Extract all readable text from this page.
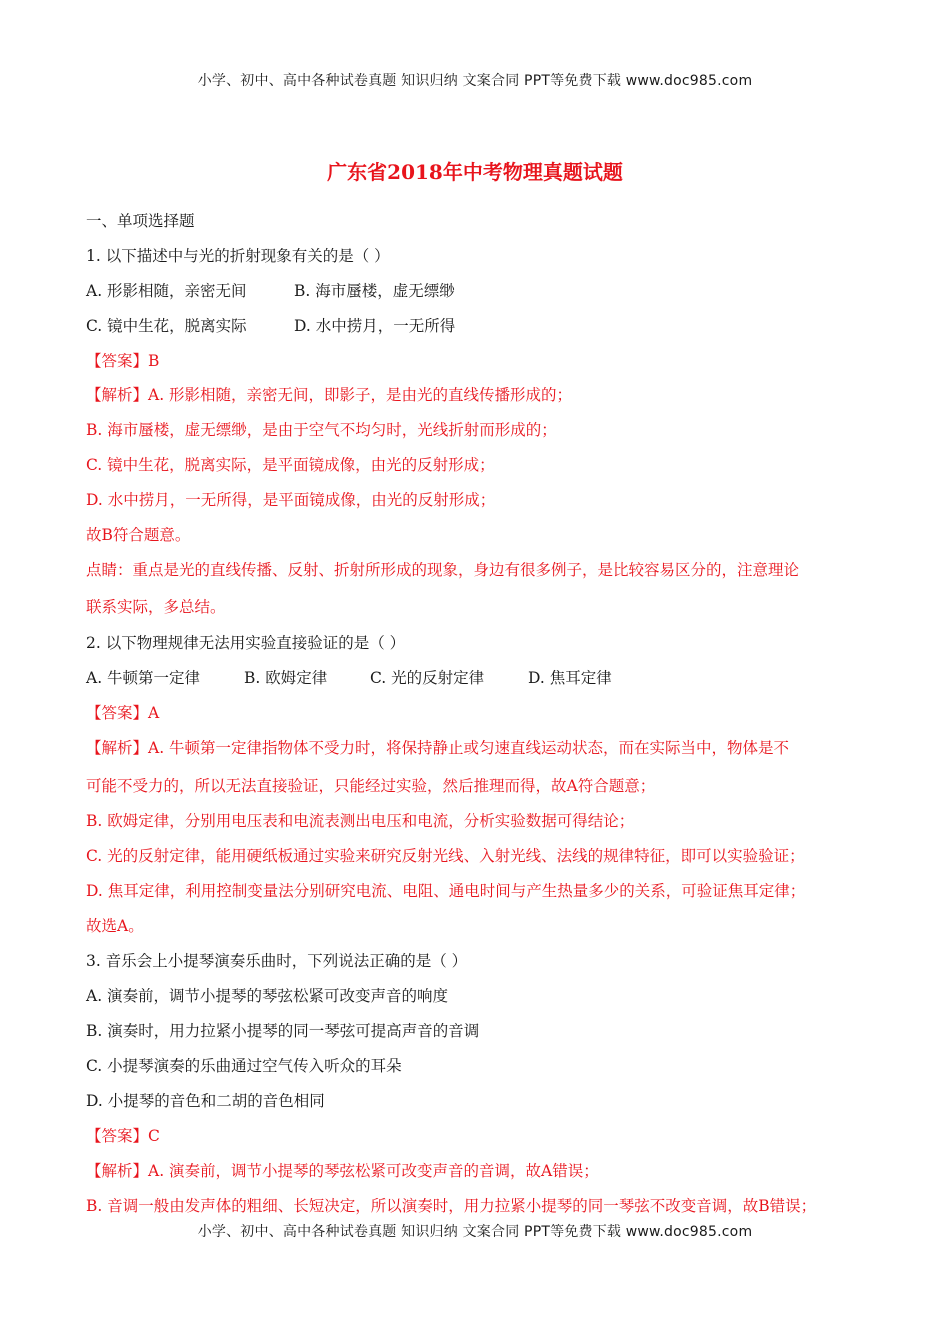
小学、初中、高中各种试卷真题 知识归纳 文案合同 PPT等免费下载 www.doc985.com
广东省2018年中考物理真题试题
一、单项选择题
1. 以下描述中与光的折射现象有关的是（ ）
A. 形影相随，亲密无间	B. 海市蜃楼，虚无缥缈
C. 镜中生花，脱离实际	D. 水中捞月，一无所得
【答案】B
【解析】A. 形影相随，亲密无间，即影子，是由光的直线传播形成的；
B. 海市蜃楼，虚无缥缈，是由于空气不均匀时，光线折射而形成的；
C. 镜中生花，脱离实际，是平面镜成像，由光的反射形成；
D. 水中捞月，一无所得，是平面镜成像，由光的反射形成；
故B符合题意。
点睛：重点是光的直线传播、反射、折射所形成的现象，身边有很多例子，是比较容易区分的，注意理论
联系实际，多总结。
2. 以下物理规律无法用实验直接验证的是（ ）
A. 牛顿第一定律	B. 欧姆定律	C. 光的反射定律	D. 焦耳定律
【答案】A
【解析】A. 牛顿第一定律指物体不受力时，将保持静止或匀速直线运动状态，而在实际当中，物体是不
可能不受力的，所以无法直接验证，只能经过实验，然后推理而得，故A符合题意；
B. 欧姆定律，分别用电压表和电流表测出电压和电流，分析实验数据可得结论；
C. 光的反射定律，能用硬纸板通过实验来研究反射光线、入射光线、法线的规律特征，即可以实验验证；
D. 焦耳定律，利用控制变量法分别研究电流、电阻、通电时间与产生热量多少的关系，可验证焦耳定律；
故选A。
3. 音乐会上小提琴演奏乐曲时，下列说法正确的是（ ）
A. 演奏前，调节小提琴的琴弦松紧可改变声音的响度
B. 演奏时，用力拉紧小提琴的同一琴弦可提高声音的音调
C. 小提琴演奏的乐曲通过空气传入听众的耳朵
D. 小提琴的音色和二胡的音色相同
【答案】C
【解析】A. 演奏前，调节小提琴的琴弦松紧可改变声音的音调，故A错误；
B. 音调一般由发声体的粗细、长短决定，所以演奏时，用力拉紧小提琴的同一琴弦不改变音调，故B错误；
小学、初中、高中各种试卷真题 知识归纳 文案合同 PPT等免费下载 www.doc985.com
